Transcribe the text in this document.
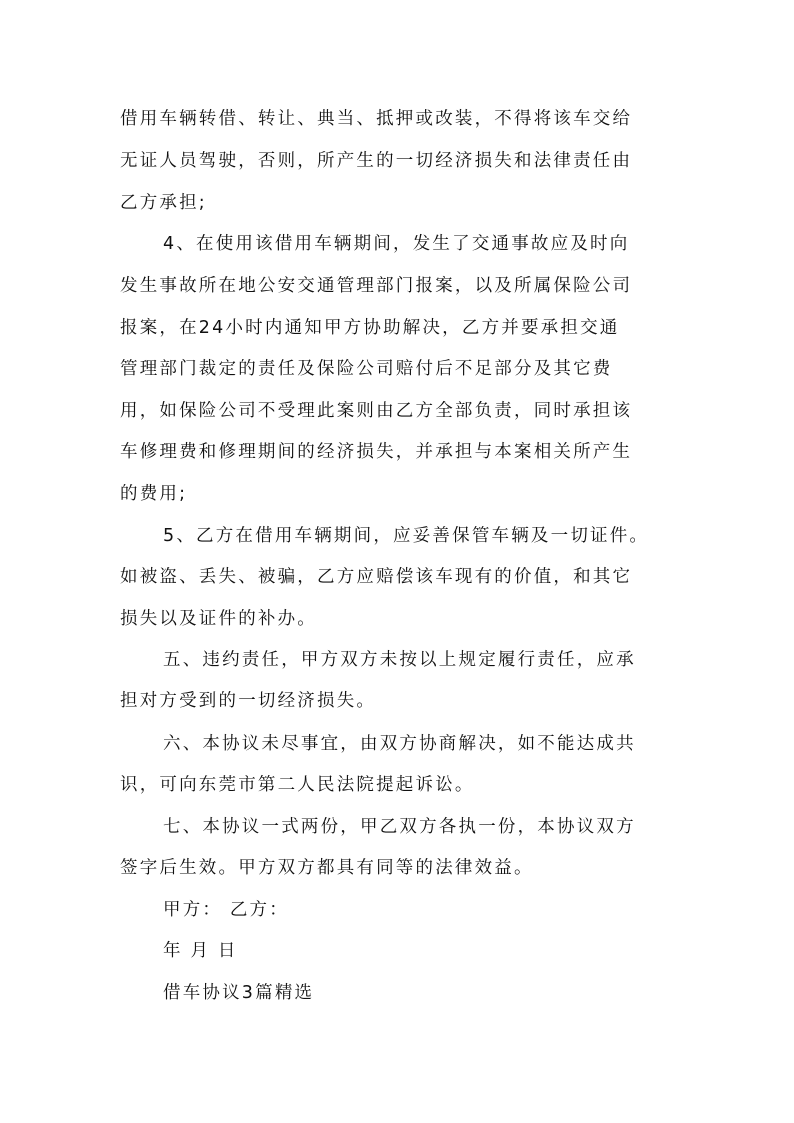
借用车辆转借、转让、典当、抵押或改装，不得将该车交给
无证人员驾驶，否则，所产生的一切经济损失和法律责任由
乙方承担;
4、在使用该借用车辆期间，发生了交通事故应及时向
发生事故所在地公安交通管理部门报案，以及所属保险公司
报案，在24小时内通知甲方协助解决，乙方并要承担交通
管理部门裁定的责任及保险公司赔付后不足部分及其它费
用，如保险公司不受理此案则由乙方全部负责，同时承担该
车修理费和修理期间的经济损失，并承担与本案相关所产生
的费用;
5、乙方在借用车辆期间，应妥善保管车辆及一切证件。
如被盗、丢失、被骗，乙方应赔偿该车现有的价值，和其它
损失以及证件的补办。
五、违约责任，甲方双方未按以上规定履行责任，应承
担对方受到的一切经济损失。
六、本协议未尽事宜，由双方协商解决，如不能达成共
识，可向东莞市第二人民法院提起诉讼。
七、本协议一式两份，甲乙双方各执一份，本协议双方
签字后生效。甲方双方都具有同等的法律效益。
甲方： 乙方：
年 月 日
借车协议3篇精选
